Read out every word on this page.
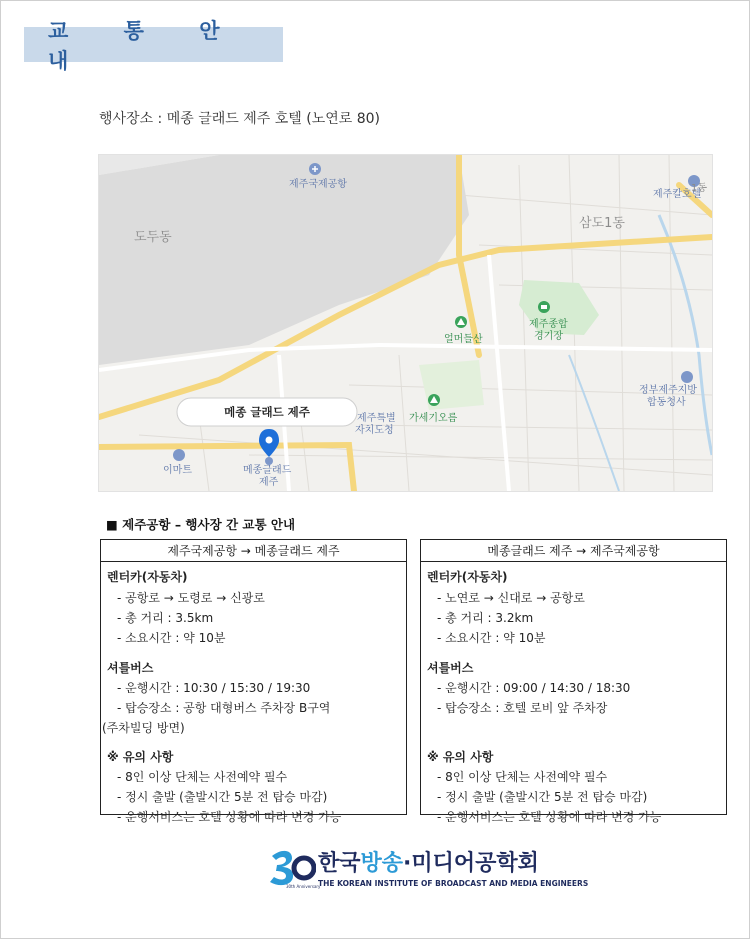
교 통 안 내
행사장소 : 메종 글래드 제주 호텔 (노연로 80)
제주국제공항
도두동
삼도1동
제주칼호텔
1동
얼머들산
제주종합
경기장
정부제주지방
합동청사
제주특별
자치도청
가세기오름
이마트	메종글래드
제주
메종 글래드 제주
■ 제주공항 – 행사장 간 교통 안내
제주국제공항 → 메종글래드 제주
렌터카(자동차)
- 공항로 → 도령로 → 신광로
- 총 거리 : 3.5km
- 소요시간 : 약 10분
셔틀버스
- 운행시간 : 10:30 / 15:30 / 19:30
- 탑승장소 : 공항 대형버스 주차장 B구역
(주차빌딩 방면)
※ 유의 사항
- 8인 이상 단체는 사전예약 필수
- 정시 출발 (출발시간 5분 전 탑승 마감)
- 운행서비스는 호텔 상황에 따라 변경 가능
메종글래드 제주 → 제주국제공항
렌터카(자동차)
- 노연로 → 신대로 → 공항로
- 총 거리 : 3.2km
- 소요시간 : 약 10분
셔틀버스
- 운행시간 : 09:00 / 14:30 / 18:30
- 탑승장소 : 호텔 로비 앞 주차장
※ 유의 사항
- 8인 이상 단체는 사전예약 필수
- 정시 출발 (출발시간 5분 전 탑승 마감)
- 운행서비스는 호텔 상황에 따라 변경 가능
30th Anniversary
한국방송·미디어공학회
THE KOREAN INSTITUTE OF BROADCAST AND MEDIA ENGINEERS
